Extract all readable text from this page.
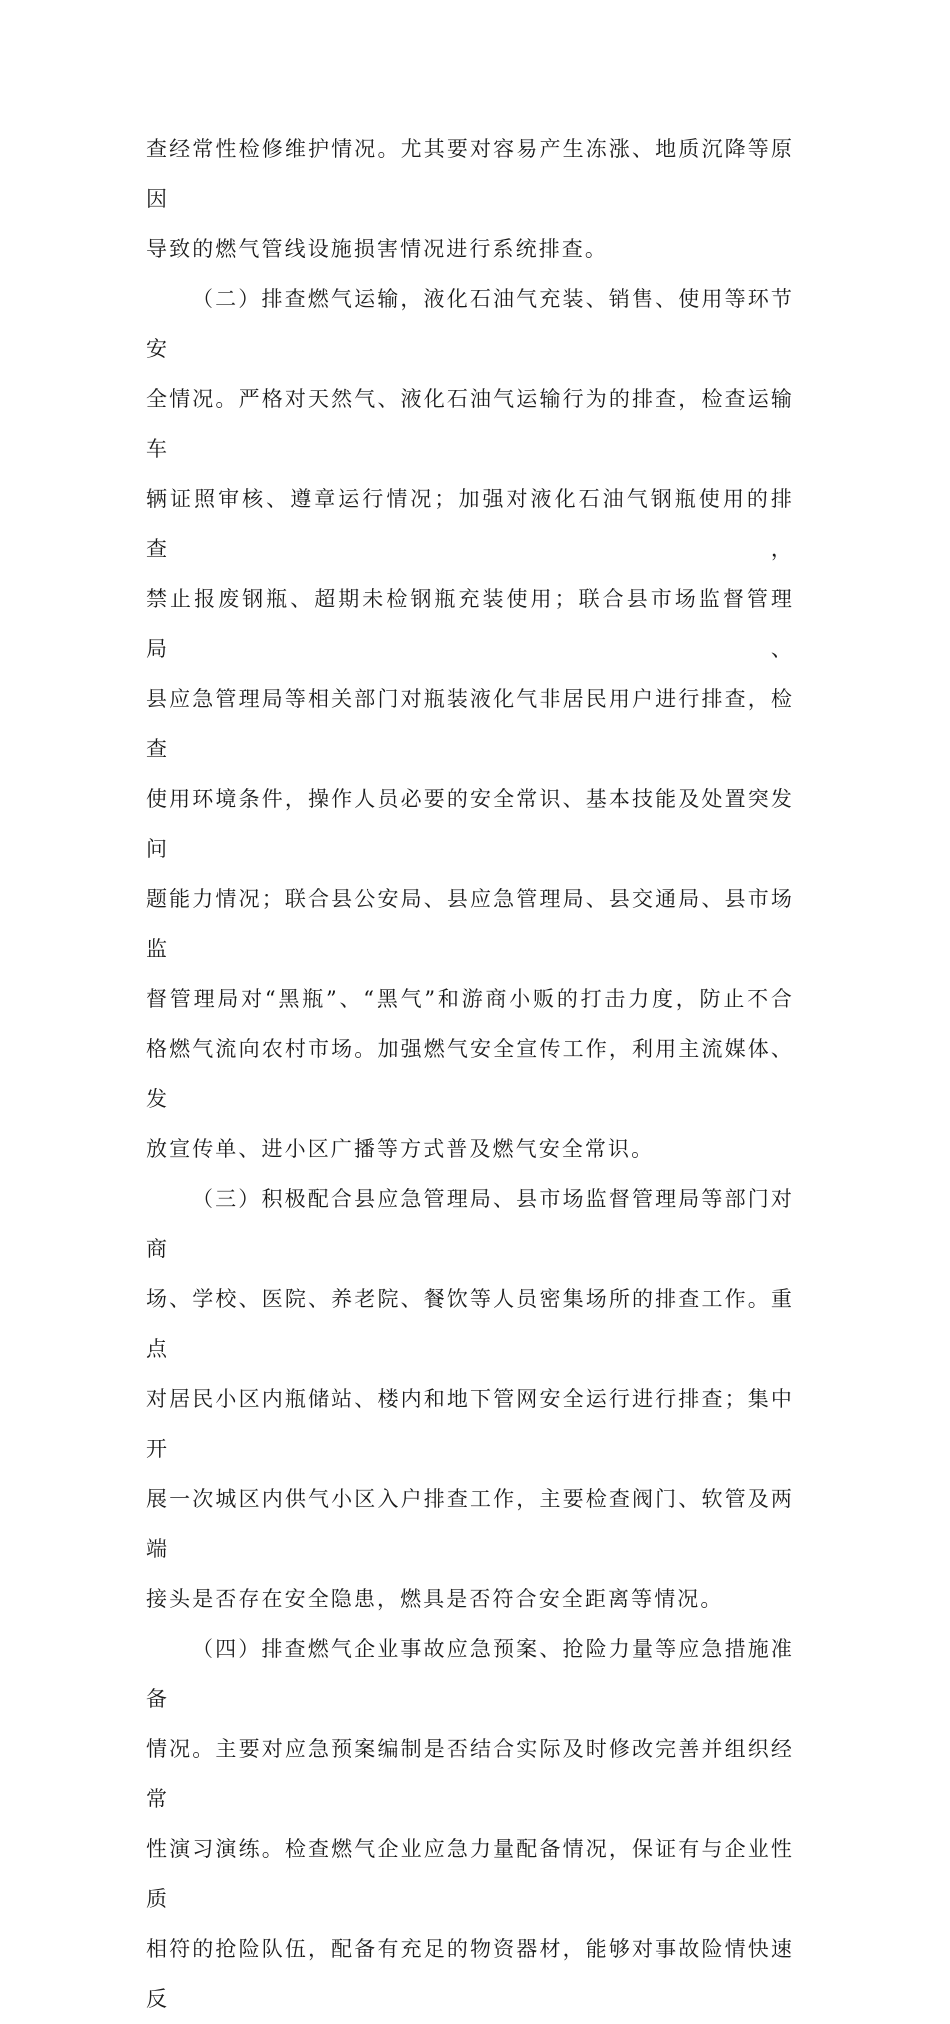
查经常性检修维护情况。尤其要对容易产生冻涨、地质沉降等原因
导致的燃气管线设施损害情况进行系统排查。
（二）排查燃气运输，液化石油气充装、销售、使用等环节安
全情况。严格对天然气、液化石油气运输行为的排查，检查运输车
辆证照审核、遵章运行情况；加强对液化石油气钢瓶使用的排查，
禁止报废钢瓶、超期未检钢瓶充装使用；联合县市场监督管理局、
县应急管理局等相关部门对瓶装液化气非居民用户进行排查，检查
使用环境条件，操作人员必要的安全常识、基本技能及处置突发问
题能力情况；联合县公安局、县应急管理局、县交通局、县市场监
督管理局对“黑瓶”、“黑气”和游商小贩的打击力度，防止不合
格燃气流向农村市场。加强燃气安全宣传工作，利用主流媒体、发
放宣传单、进小区广播等方式普及燃气安全常识。
（三）积极配合县应急管理局、县市场监督管理局等部门对商
场、学校、医院、养老院、餐饮等人员密集场所的排查工作。重点
对居民小区内瓶储站、楼内和地下管网安全运行进行排查；集中开
展一次城区内供气小区入户排查工作，主要检查阀门、软管及两端
接头是否存在安全隐患，燃具是否符合安全距离等情况。
（四）排查燃气企业事故应急预案、抢险力量等应急措施准备
情况。主要对应急预案编制是否结合实际及时修改完善并组织经常
性演习演练。检查燃气企业应急力量配备情况，保证有与企业性质
相符的抢险队伍，配备有充足的物资器材，能够对事故险情快速反
